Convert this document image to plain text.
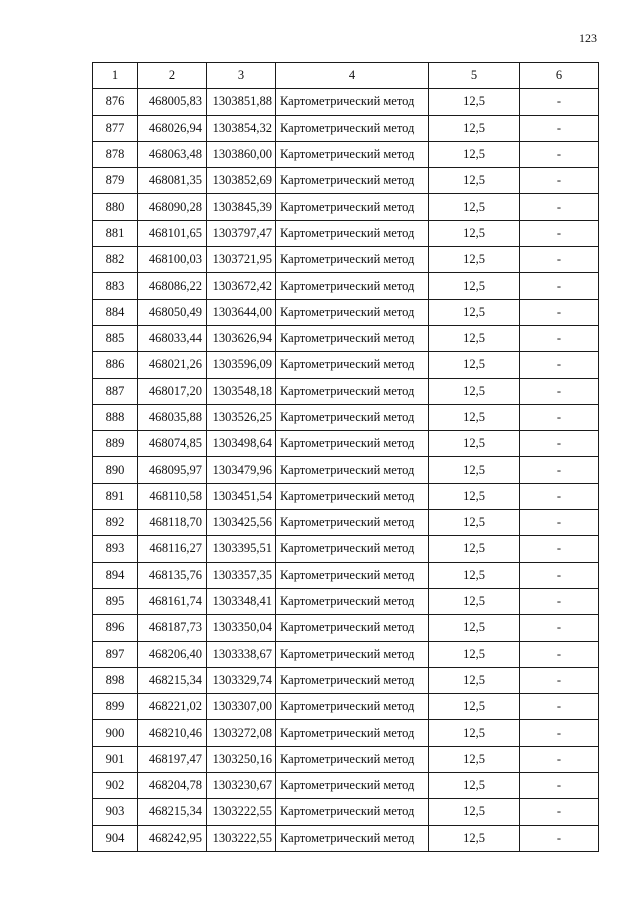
123
1	2	3	4	5	6
876	468005,83	1303851,88	Картометрический метод	12,5	-
877	468026,94	1303854,32	Картометрический метод	12,5	-
878	468063,48	1303860,00	Картометрический метод	12,5	-
879	468081,35	1303852,69	Картометрический метод	12,5	-
880	468090,28	1303845,39	Картометрический метод	12,5	-
881	468101,65	1303797,47	Картометрический метод	12,5	-
882	468100,03	1303721,95	Картометрический метод	12,5	-
883	468086,22	1303672,42	Картометрический метод	12,5	-
884	468050,49	1303644,00	Картометрический метод	12,5	-
885	468033,44	1303626,94	Картометрический метод	12,5	-
886	468021,26	1303596,09	Картометрический метод	12,5	-
887	468017,20	1303548,18	Картометрический метод	12,5	-
888	468035,88	1303526,25	Картометрический метод	12,5	-
889	468074,85	1303498,64	Картометрический метод	12,5	-
890	468095,97	1303479,96	Картометрический метод	12,5	-
891	468110,58	1303451,54	Картометрический метод	12,5	-
892	468118,70	1303425,56	Картометрический метод	12,5	-
893	468116,27	1303395,51	Картометрический метод	12,5	-
894	468135,76	1303357,35	Картометрический метод	12,5	-
895	468161,74	1303348,41	Картометрический метод	12,5	-
896	468187,73	1303350,04	Картометрический метод	12,5	-
897	468206,40	1303338,67	Картометрический метод	12,5	-
898	468215,34	1303329,74	Картометрический метод	12,5	-
899	468221,02	1303307,00	Картометрический метод	12,5	-
900	468210,46	1303272,08	Картометрический метод	12,5	-
901	468197,47	1303250,16	Картометрический метод	12,5	-
902	468204,78	1303230,67	Картометрический метод	12,5	-
903	468215,34	1303222,55	Картометрический метод	12,5	-
904	468242,95	1303222,55	Картометрический метод	12,5	-
